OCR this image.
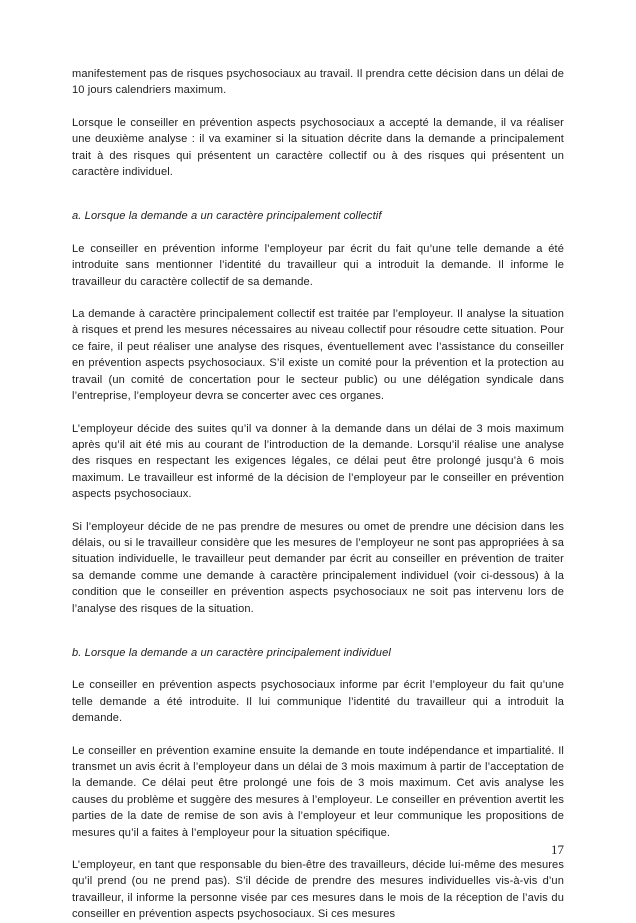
manifestement pas de risques psychosociaux au travail. Il prendra cette décision dans un délai de 10 jours calendriers maximum.

Lorsque le conseiller en prévention aspects psychosociaux a accepté la demande, il va réaliser une deuxième analyse : il va examiner si la situation décrite dans la demande a principalement trait à des risques qui présentent un caractère collectif ou à des risques qui présentent un caractère individuel.

a. Lorsque la demande a un caractère principalement collectif

Le conseiller en prévention informe l’employeur par écrit du fait qu’une telle demande a été introduite sans mentionner l’identité du travailleur qui a introduit la demande. Il informe le travailleur du caractère collectif de sa demande.

La demande à caractère principalement collectif est traitée par l’employeur. Il analyse la situation à risques et prend les mesures nécessaires au niveau collectif pour résoudre cette situation. Pour ce faire, il peut réaliser une analyse des risques, éventuellement avec l’assistance du conseiller en prévention aspects psychosociaux. S’il existe un comité pour la prévention et la protection au travail (un comité de concertation pour le secteur public) ou une délégation syndicale dans l’entreprise, l’employeur devra se concerter avec ces organes.

L’employeur décide des suites qu’il va donner à la demande dans un délai de 3 mois maximum après qu’il ait été mis au courant de l’introduction de la demande. Lorsqu’il réalise une analyse des risques en respectant les exigences légales, ce délai peut être prolongé jusqu’à 6 mois maximum. Le travailleur est informé de la décision de l’employeur par le conseiller en prévention aspects psychosociaux.

Si l’employeur décide de ne pas prendre de mesures ou omet de prendre une décision dans les délais, ou si le travailleur considère que les mesures de l’employeur ne sont pas appropriées à sa situation individuelle, le travailleur peut demander par écrit au conseiller en prévention de traiter sa demande comme une demande à caractère principalement individuel (voir ci-dessous) à la condition que le conseiller en prévention aspects psychosociaux ne soit pas intervenu lors de l’analyse des risques de la situation.

b. Lorsque la demande a un caractère principalement individuel

Le conseiller en prévention aspects psychosociaux informe par écrit l’employeur du fait qu’une telle demande a été introduite. Il lui communique l’identité du travailleur qui a introduit la demande.

Le conseiller en prévention examine ensuite la demande en toute indépendance et impartialité. Il transmet un avis écrit à l’employeur dans un délai de 3 mois maximum à partir de l’acceptation de la demande. Ce délai peut être prolongé une fois de 3 mois maximum. Cet avis analyse les causes du problème et suggère des mesures à l’employeur. Le conseiller en prévention avertit les parties de la date de remise de son avis à l’employeur et leur communique les propositions de mesures qu’il a faites à l’employeur pour la situation spécifique.

L’employeur, en tant que responsable du bien-être des travailleurs, décide lui-même des mesures qu’il prend (ou ne prend pas). S’il décide de prendre des mesures individuelles vis-à-vis d’un travailleur, il informe la personne visée par ces mesures dans le mois de la réception de l’avis du conseiller en prévention aspects psychosociaux. Si ces mesures

17
